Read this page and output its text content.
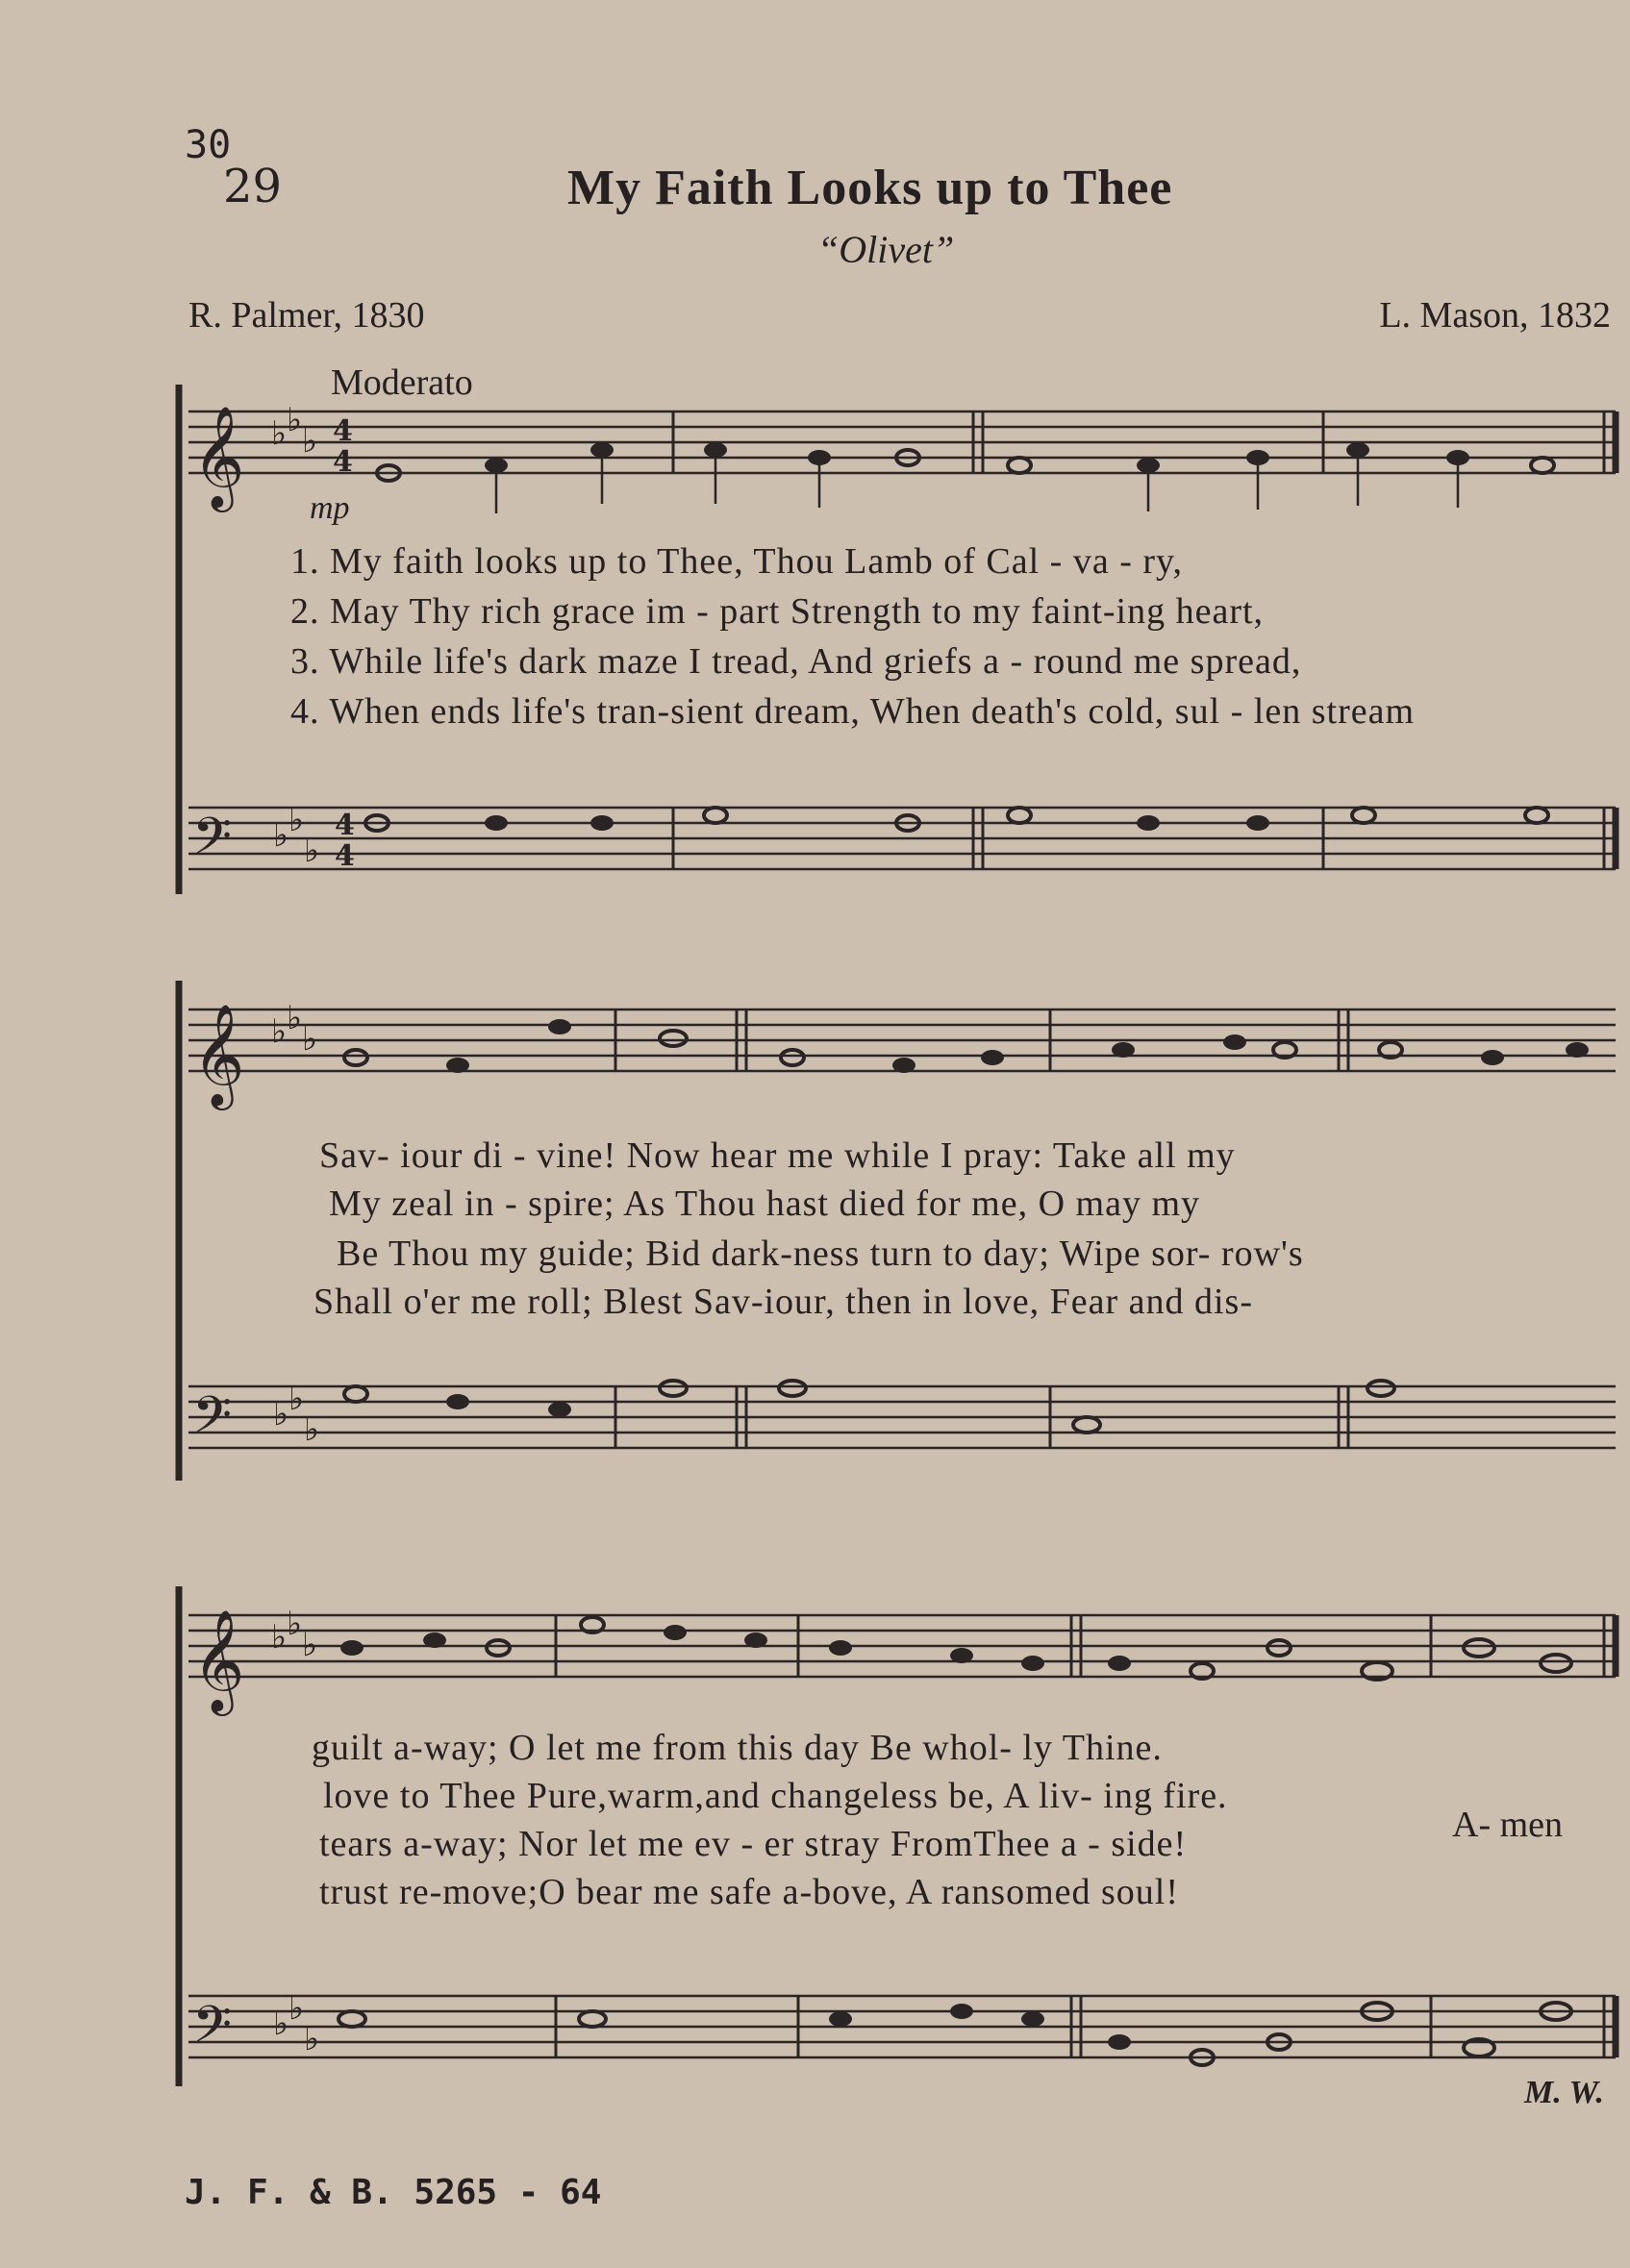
30
29	My Faith Looks up to Thee
“Olivet”
R. Palmer, 1830	L. Mason, 1832
Moderato
mp
𝄞 ♭ ♭
♭ 4
4
𝄢 ♭ ♭
♭
4
4
𝄞 ♭ ♭
♭
𝄢 ♭ ♭
♭
𝄞 ♭ ♭
♭
𝄢 ♭ ♭
♭
1. My faith looks up to Thee, Thou Lamb of Cal - va - ry,
2. May Thy rich grace im - part Strength to my faint-ing heart,
3. While life's dark maze I tread, And griefs a - round me spread,
4. When ends life's tran-sient dream, When death's cold, sul - len stream
Sav- iour di - vine! Now hear me while I pray: Take all my
My zeal in - spire; As Thou hast died for me, O may my
Be Thou my guide; Bid dark-ness turn to day; Wipe sor- row's
Shall o'er me roll; Blest Sav-iour, then in love, Fear and dis-
guilt a-way; O let me from this day Be whol- ly Thine.
love to Thee Pure,warm,and changeless be, A liv- ing fire.
tears a-way; Nor let me ev - er stray FromThee a - side!
trust re-move;O bear me safe a-bove, A ransomed soul!
A- men
M. W.
J. F. & B. 5265 - 64
